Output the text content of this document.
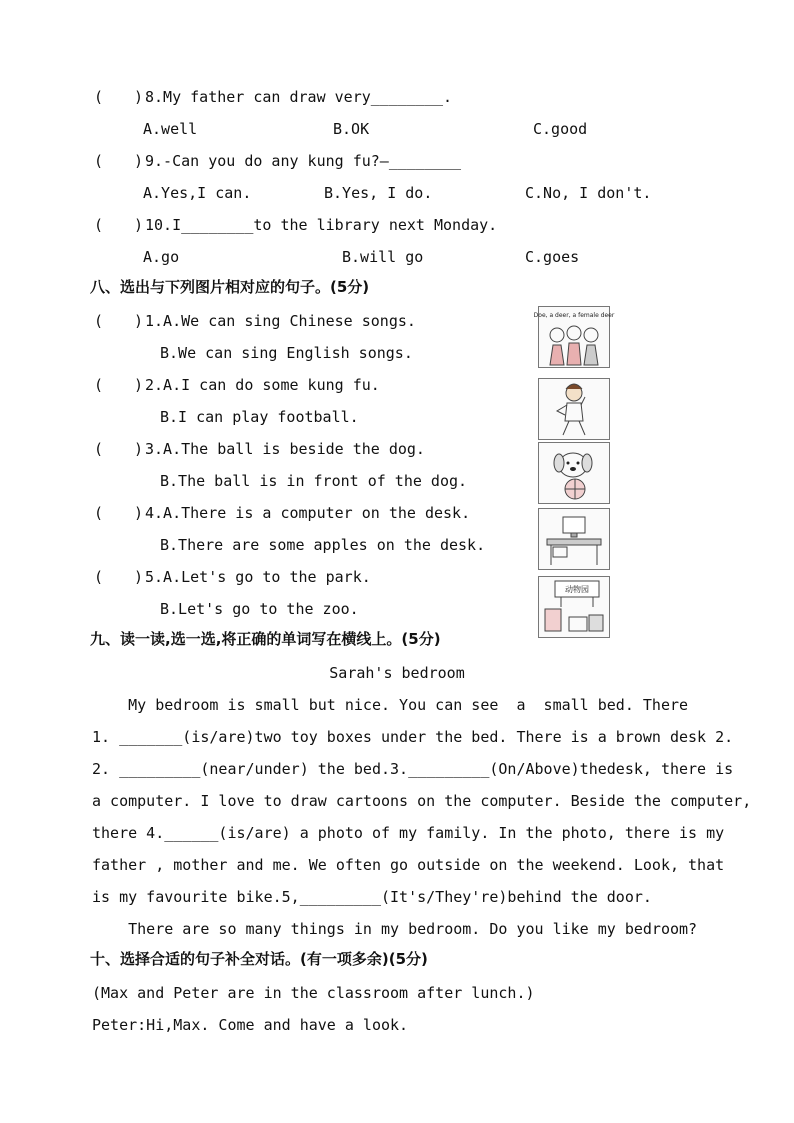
( ) 8.My father can draw very________.
A.well	B.OK	C.good
( ) 9.-Can you do any kung fu?—________
A.Yes,I can.	B.Yes, I do.	C.No, I don't.
( ) 10.I________to the library next Monday.
A.go	B.will go	C.goes
八、选出与下列图片相对应的句子。(5分)
( ) 1.A.We can sing Chinese songs.
B.We can sing English songs.
( ) 2.A.I can do some kung fu.
B.I can play football.
( ) 3.A.The ball is beside the dog.
B.The ball is in front of the dog.
( ) 4.A.There is a computer on the desk.
B.There are some apples on the desk.
( ) 5.A.Let's go to the park.
B.Let's go to the zoo.
Doe, a deer, a female deer
动物园
九、读一读,选一选,将正确的单词写在横线上。(5分)
Sarah's bedroom
My bedroom is small but nice. You can see  a  small bed. There
1. _______(is/are)two toy boxes under the bed. There is a brown desk 2.
2. _________(near/under) the bed.3._________(On/Above)thedesk, there is
a computer. I love to draw cartoons on the computer. Beside the computer,
there 4.______(is/are) a photo of my family. In the photo, there is my
father , mother and me. We often go outside on the weekend. Look, that
is my favourite bike.5,_________(It's/They're)behind the door.
There are so many things in my bedroom. Do you like my bedroom?
十、选择合适的句子补全对话。(有一项多余)(5分)
(Max and Peter are in the classroom after lunch.)
Peter:Hi,Max. Come and have a look.
